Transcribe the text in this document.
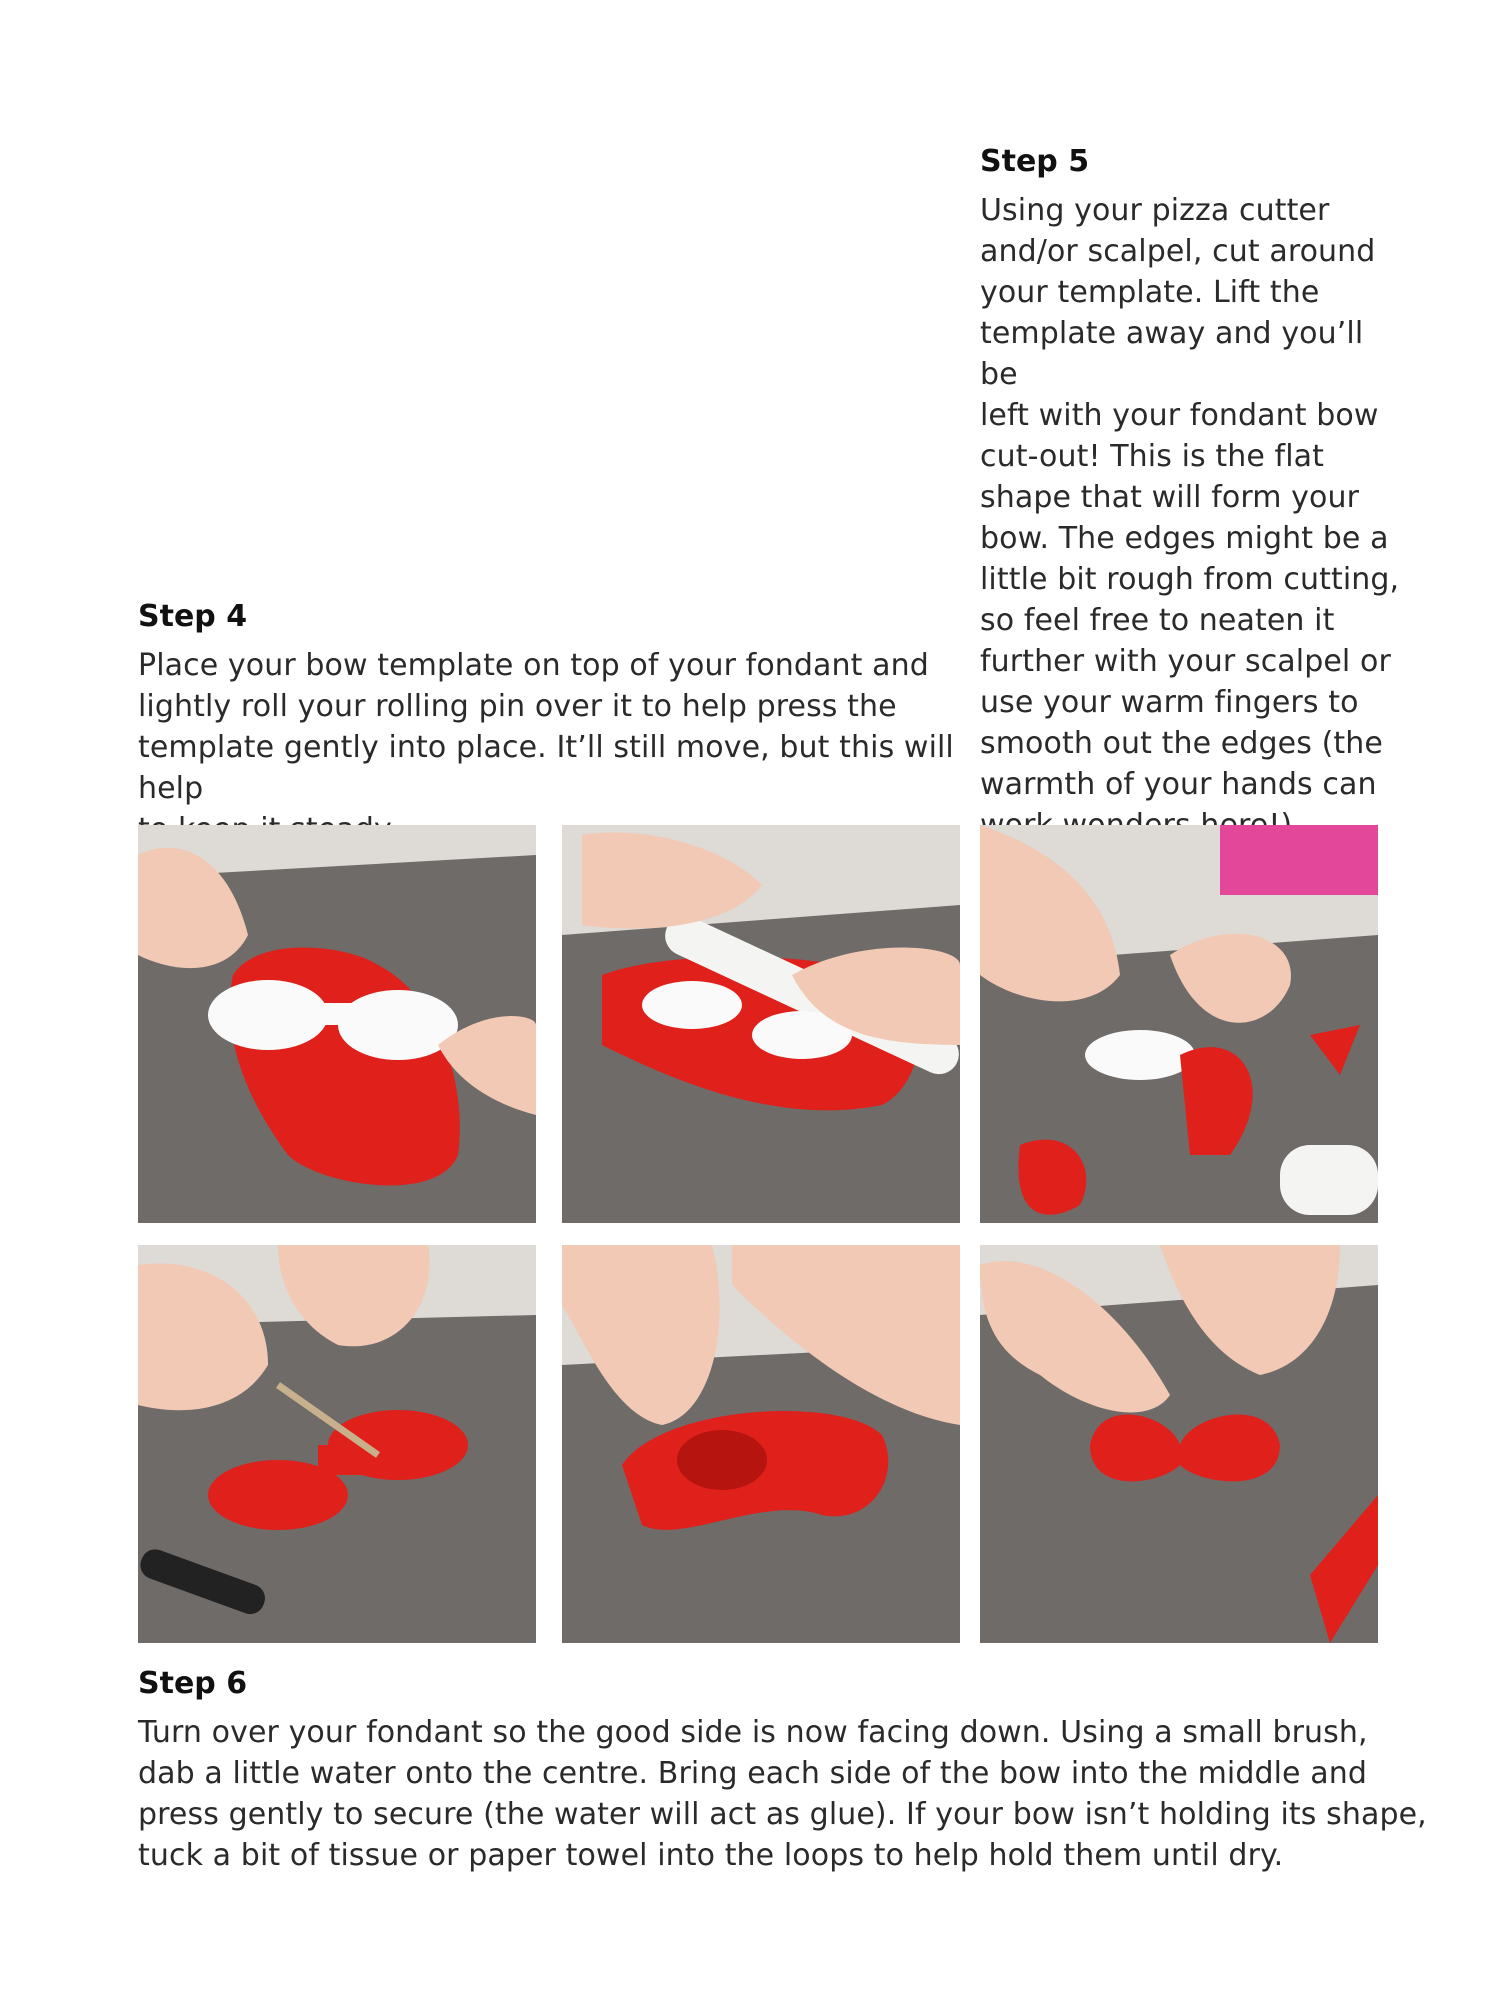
Step 5
Using your pizza cutter
and/or scalpel, cut around
your template. Lift the
template away and you’ll be
left with your fondant bow
cut-out! This is the flat
shape that will form your
bow. The edges might be a
little bit rough from cutting,
so feel free to neaten it
further with your scalpel or
use your warm fingers to
smooth out the edges (the
warmth of your hands can
Step 4
Place your bow template on top of your fondant and
lightly roll your rolling pin over it to help press the
template gently into place. It’ll still move, but this will help
Step 6
Turn over your fondant so the good side is now facing down. Using a small brush,
dab a little water onto the centre. Bring each side of the bow into the middle and
press gently to secure (the water will act as glue). If your bow isn’t holding its shape,
tuck a bit of tissue or paper towel into the loops to help hold them until dry.
